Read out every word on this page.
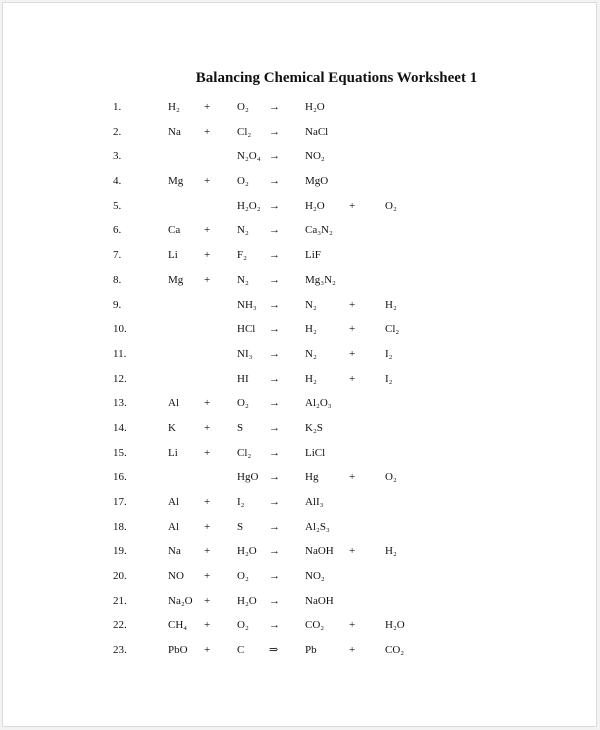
Balancing Chemical Equations Worksheet 1
1.	H₂ + O₂ → H₂O
2.	Na + Cl₂ → NaCl
3.	N₂O₄ → NO₂
4.	Mg + O₂ → MgO
5.	H₂O₂ → H₂O +	O₂
6.	Ca + N₂ → Ca₃N₂
7.	Li + F₂ → LiF
8.	Mg + N₂ → Mg₃N₂
9.	NH₃ → N₂	+	H₂
10.	HCl → H₂	+	Cl₂
11.	NI₃ → N₂	+	I₂
12.	HI → H₂	+	I₂
13.	Al + O₂ → Al₂O₃
14.	K	+ S → K₂S
15.	Li + Cl₂ → LiCl
16.	HgO → Hg	+	O₂
17.	Al + I₂ → AlI₃
18.	Al + S → Al₂S₃
19.	Na + H₂O → NaOH +	H₂
20.	NO + O₂ → NO₂
21.	Na₂O + H₂O → NaOH
22.	CH₄ + O₂ → CO₂ +	H₂O
23.	PbO + C ⇒ Pb	+	CO₂
